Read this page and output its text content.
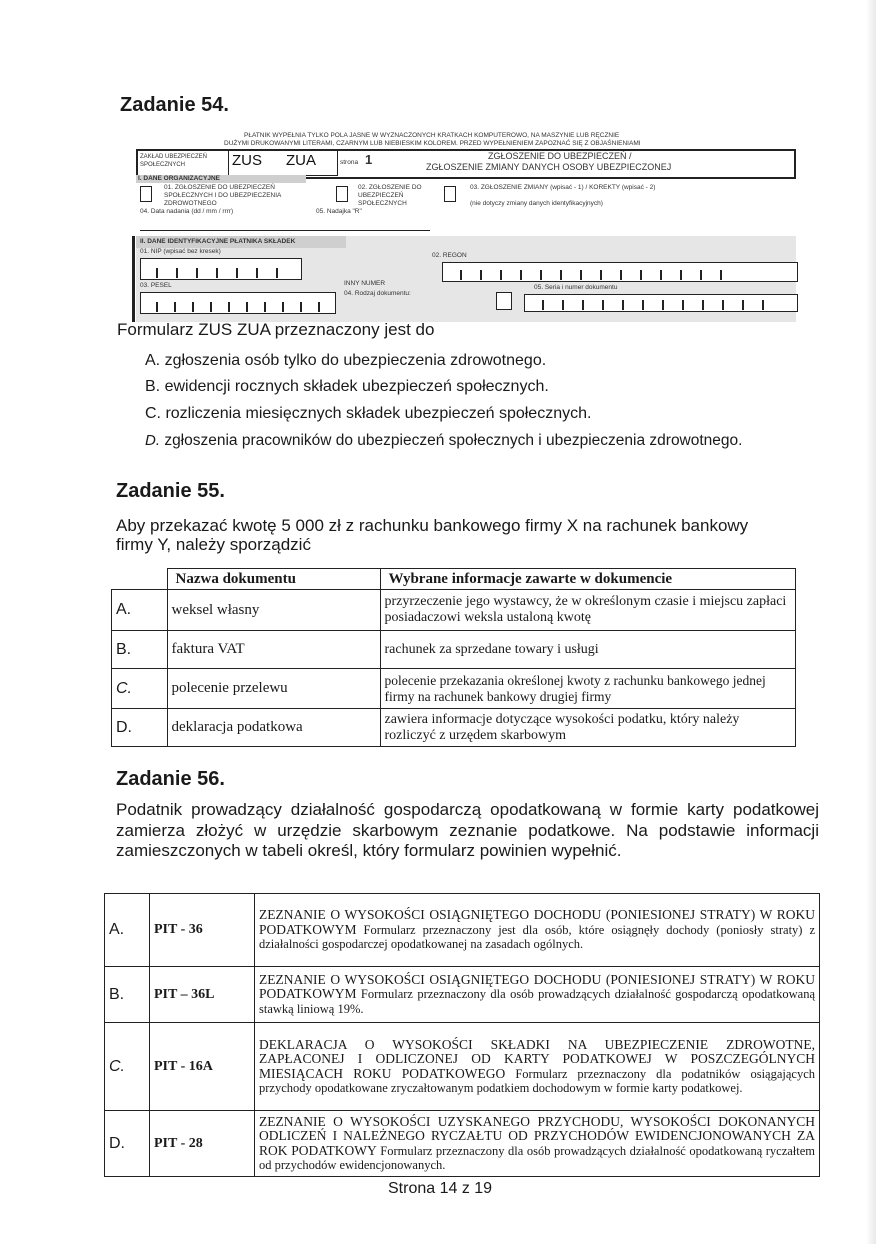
Zadanie 54.
PŁATNIK WYPEŁNIA TYLKO POLA JASNE W WYZNACZONYCH KRATKACH KOMPUTEROWO, NA MASZYNIE LUB RĘCZNIE
DUŻYMI DRUKOWANYMI LITERAMI, CZARNYM LUB NIEBIESKIM KOLOREM. PRZED WYPEŁNIENIEM ZAPOZNAĆ SIĘ Z OBJAŚNIENIAMI
ZAKŁAD UBEZPIECZEŃ SPOŁECZNYCH	ZUS ZUA	strona 1	ZGŁOSZENIE DO UBEZPIECZEŃ /
ZGŁOSZENIE ZMIANY DANYCH OSOBY UBEZPIECZONEJ
I. DANE ORGANIZACYJNE
01. ZGŁOSZENIE DO UBEZPIECZEŃ SPOŁECZNYCH I DO UBEZPIECZENIA ZDROWOTNEGO
02. ZGŁOSZENIE DO UBEZPIECZEŃ SPOŁECZNYCH
03. ZGŁOSZENIE ZMIANY (wpisać - 1) / KOREKTY (wpisać - 2)
(nie dotyczy zmiany danych identyfikacyjnych)
04. Data nadania (dd / mm / rrrr)	05. Nadajka "R"
II. DANE IDENTYFIKACYJNE PŁATNIKA SKŁADEK
01. NIP (wpisać bez kresek)
02. REGON
03. PESEL	INNY NUMER
04. Rodzaj dokumentu:
05. Seria i numer dokumentu
Formularz ZUS ZUA przeznaczony jest do
A. zgłoszenia osób tylko do ubezpieczenia zdrowotnego.
B. ewidencji rocznych składek ubezpieczeń społecznych.
C. rozliczenia miesięcznych składek ubezpieczeń społecznych.
D. zgłoszenia pracowników do ubezpieczeń społecznych i ubezpieczenia zdrowotnego.
Zadanie 55.
Aby przekazać kwotę 5 000 zł z rachunku bankowego firmy X na rachunek bankowy
firmy Y, należy sporządzić
	Nazwa dokumentu	Wybrane informacje zawarte w dokumencie
A.	weksel własny	przyrzeczenie jego wystawcy, że w określonym czasie i miejscu zapłaci posiadaczowi weksla ustaloną kwotę
B.	faktura VAT	rachunek za sprzedane towary i usługi
C.	polecenie przelewu	polecenie przekazania określonej kwoty z rachunku bankowego jednej firmy na rachunek bankowy drugiej firmy
D.	deklaracja podatkowa	zawiera informacje dotyczące wysokości podatku, który należy rozliczyć z urzędem skarbowym
Zadanie 56.
Podatnik prowadzący działalność gospodarczą opodatkowaną w formie karty podatkowej zamierza złożyć w urzędzie skarbowym zeznanie podatkowe. Na podstawie informacji zamieszczonych w tabeli określ, który formularz powinien wypełnić.
A.	PIT - 36	ZEZNANIE O WYSOKOŚCI OSIĄGNIĘTEGO DOCHODU (PONIESIONEJ STRATY) W ROKU PODATKOWYM Formularz przeznaczony jest dla osób, które osiągnęły dochody (poniosły straty) z działalności gospodarczej opodatkowanej na zasadach ogólnych.
B.	PIT – 36L	ZEZNANIE O WYSOKOŚCI OSIĄGNIĘTEGO DOCHODU (PONIESIONEJ STRATY) W ROKU PODATKOWYM Formularz przeznaczony dla osób prowadzących działalność gospodarczą opodatkowaną stawką liniową 19%.
C.	PIT - 16A	DEKLARACJA O WYSOKOŚCI SKŁADKI NA UBEZPIECZENIE ZDROWOTNE, ZAPŁACONEJ I ODLICZONEJ OD KARTY PODATKOWEJ W POSZCZEGÓLNYCH MIESIĄCACH ROKU PODATKOWEGO Formularz przeznaczony dla podatników osiągających przychody opodatkowane zryczałtowanym podatkiem dochodowym w formie karty podatkowej.
D.	PIT - 28	ZEZNANIE O WYSOKOŚCI UZYSKANEGO PRZYCHODU, WYSOKOŚCI DOKONANYCH ODLICZEŃ I NALEŻNEGO RYCZAŁTU OD PRZYCHODÓW EWIDENCJONOWANYCH ZA ROK PODATKOWY Formularz przeznaczony dla osób prowadzących działalność opodatkowaną ryczałtem od przychodów ewidencjonowanych.
Strona 14 z 19
